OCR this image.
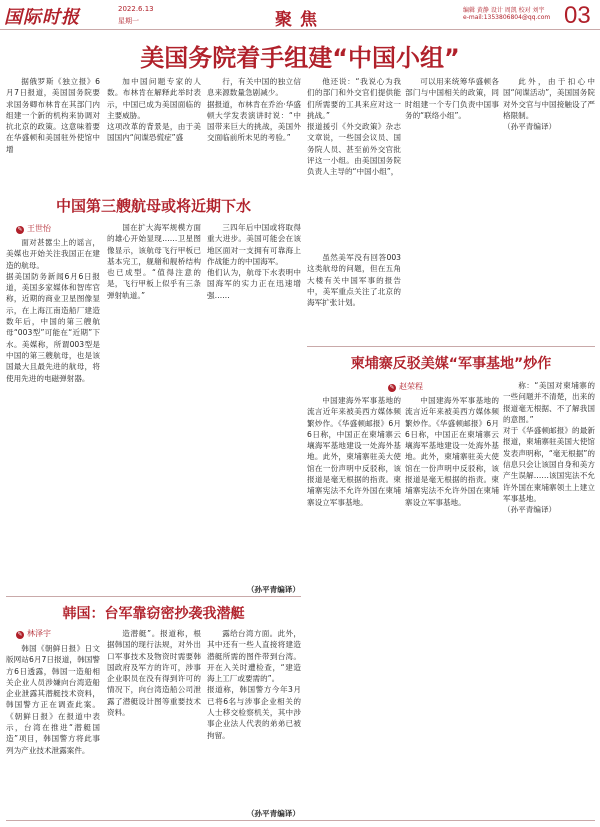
国际时报	2022.6.13
星期一	聚焦	编辑 黄静 设计 周凯 校对 刘宇
e-mail:1353806804@qq.com 03
美国务院着手组建“中国小组”

据俄罗斯《独立报》6月7日报道，美国国务院要求国务卿布林肯在其部门内组建一个新的机构来协调对抗北京的政策。这意味着要在华盛顿和美国驻外使馆中增

加中国问题专家的人数。布林肯在解释此举时表示，中国已成为美国面临的主要威胁。
这项改革的背景是，由于美国国内“间谍恐慌症”盛

行，有关中国的独立信息来源数量急剧减少。
据报道，布林肯在乔治·华盛顿大学发表演讲时说：“中国带来巨大的挑战，美国外交面临前所未见的考验。”

他还说：“我说心为我们的部门和外交官们提供能们所需要的工具来应对这一挑战。”
报道援引《外交政策》杂志文章说，一些国会议员、国务院人员、甚至前外交官批评这一小组。由美国国务院负责人主导的“中国小组”，

可以用来统筹华盛顿各部门与中国相关的政策，同时组建一个专门负责中国事务的“联络小组”。

此外，由于扣心中国“间谍活动”，美国国务院对外交官与中国接触设了严格限制。
（孙平青编译）

中国第三艘航母或将近期下水
✎ 王世怡

面对甚嚣尘上的谣言，美媒也开始关注我国正在建造的航母。
据美国防务新闻6月6日报道，美国多家媒体和智库官称，近期的商业卫星图像显示，在上海江南造船厂建造数年后，中国的第三艘航母“003型”可能在“近期”下水。美媒称，所谓003型是中国的第三艘航母，也是该国最大且最先进的航母，将使用先进的电磁弹射器。

国在扩大海军规模方面的雄心开始显现……卫星图像显示，该航母飞行甲板已基本完工，舰艏和舰桥结构也已成型。“值得注意的是，飞行甲板上似乎有三条弹射轨道。”

三四年后中国或将取得重大进步。美国可能会在该地区面对一支拥有可靠海上作战能力的中国海军。
他们认为，航母下水表明中国海军的实力正在迅速增强……

虽然美军没有回答003这类航母的问题，但在五角大楼有关中国军事的报告中，美军重点关注了北京的海军扩张计划。

（孙平青编译）
柬埔寨反驳美媒“军事基地”炒作
✎ 赵荣程

中国建海外军事基地的流言近年来被美西方媒体频繁炒作。《华盛顿邮报》6月6日称，中国正在柬埔寨云壤海军基地建设一处海外基地。此外，柬埔寨驻美大使馆在一份声明中反驳称，该报道是毫无根据的指责。柬埔寨宪法不允许外国在柬埔寨设立军事基地。

称：“美国对柬埔寨的一些问题并不清楚，出来的报道毫无根据、不了解我国的意图。”
对于《华盛顿邮报》的最新报道，柬埔寨驻美国大使馆发表声明称，“毫无根据”的信息只会让该国自身和美方产生误解……该国宪法不允许外国在柬埔寨领土上建立军事基地。
（孙平青编译）

韩国：台军靠窃密抄袭我潜艇
✎ 林泽宇

韩国《朝鲜日报》日文版网站6月7日报道，韩国警方6日透露，韩国一造船相关企业人员涉嫌向台湾造船企业泄露其潜艇技术资料，韩国警方正在调查此案。《朝鲜日报》在报道中表示，台湾在推进“潜艇国造”项目，韩国警方将此事列为产业技术泄露案件。

造潜艇”。报道称，根据韩国的现行法规，对外出口军事技术及物资时需要韩国政府及军方的许可，涉事企业职员在没有得到许可的情况下，向台湾造船公司泄露了潜艇设计图等重要技术资料。

露给台湾方面。此外，其中还有一些人直接将建造潜艇所需的图件带到台湾。开在入关时遭检查，“建造海上工厂或要需的”。
报道称，韩国警方今年3月已将6名与涉事企业相关的人士移交检察机关，其中涉事企业法人代表的弟弟已被拘留。

（孙平青编译）

中国建海外军事基地的流言近年来被美西方媒体频繁炒作。《华盛顿邮报》6月6日称，中国正在柬埔寨云壤海军基地建设一处海外基地。此外，柬埔寨驻美大使馆在一份声明中反驳称，该报道是毫无根据的指责。柬埔寨宪法不允许外国在柬埔寨设立军事基地。
